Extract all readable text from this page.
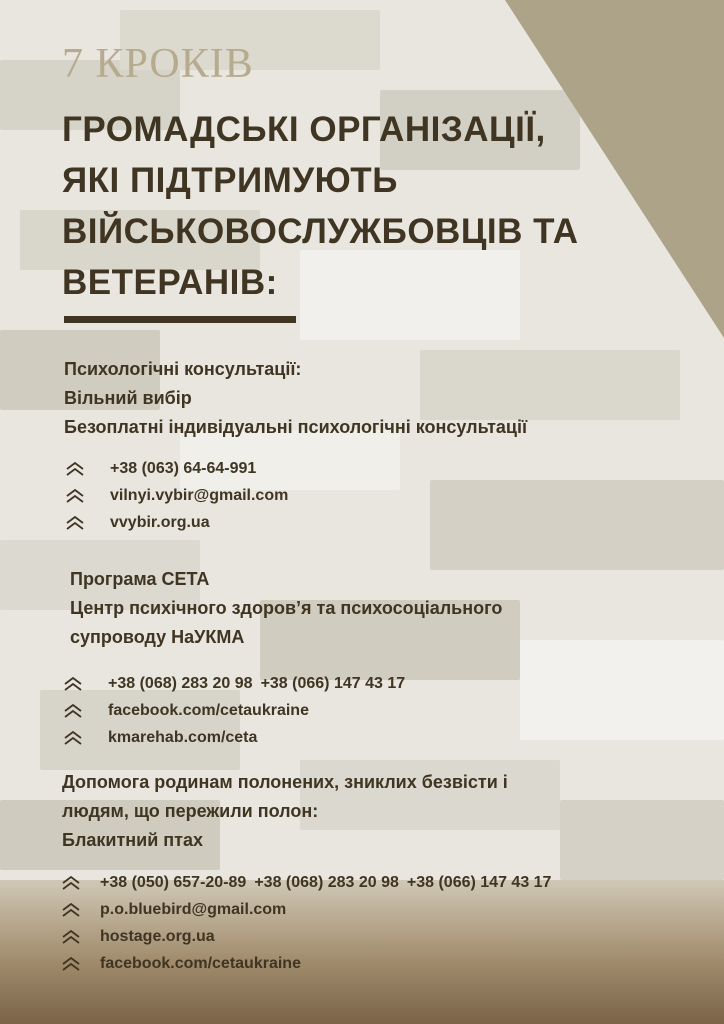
7 КРОКІВ
ГРОМАДСЬКІ ОРГАНІЗАЦІЇ,
ЯКІ ПІДТРИМУЮТЬ
ВІЙСЬКОВОСЛУЖБОВЦІВ ТА
ВЕТЕРАНІВ:
Психологічні консультації:
Вільний вибір
Безоплатні індивідуальні психологічні консультації
+38 (063) 64-64-991
vilnyi.vybir@gmail.com
vvybir.org.ua
Програма СЕТА
Центр психічного здоров’я та психосоціального
супроводу НаУКМА
+38 (068) 283 20 98 +38 (066) 147 43 17
facebook.com/cetaukraine
kmarehab.com/ceta
Допомога родинам полонених, зниклих безвісти і
людям, що пережили полон:
Блакитний птах
+38 (050) 657-20-89 +38 (068) 283 20 98 +38 (066) 147 43 17
p.o.bluebird@gmail.com
hostage.org.ua
facebook.com/cetaukraine
